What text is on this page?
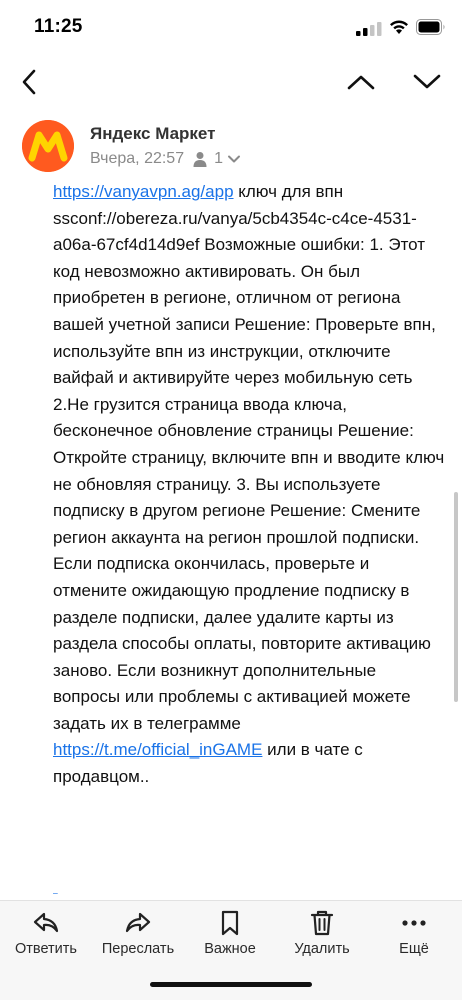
11:25
Яндекс Маркет
Вчера, 22:57 1
https://vanyavpn.ag/app ключ для впн ssconf://obereza.ru/vanya/5cb4354c-c4ce-4531-a06a-67cf4d14d9ef Возможные ошибки: 1. Этот код невозможно активировать. Он был приобретен в регионе, отличном от региона вашей учетной записи Решение: Проверьте впн, используйте впн из инструкции, отключите вайфай и активируйте через мобильную сеть 2.Не грузится страница ввода ключа, бесконечное обновление страницы Решение: Откройте страницу, включите впн и вводите ключ не обновляя страницу. 3. Вы используете подписку в другом регионе Решение: Смените регион аккаунта на регион прошлой подписки. Если подписка окончилась, проверьте и отмените ожидающую продление подписку в разделе подписки, далее удалите карты из раздела способы оплаты, повторите активацию заново. Если возникнут дополнительные вопросы или проблемы с активацией можете задать их в телеграмме https://t.me/official_inGAME или в чате с продавцом..

Ответить	Переслать	Важное	Удалить	Ещё
